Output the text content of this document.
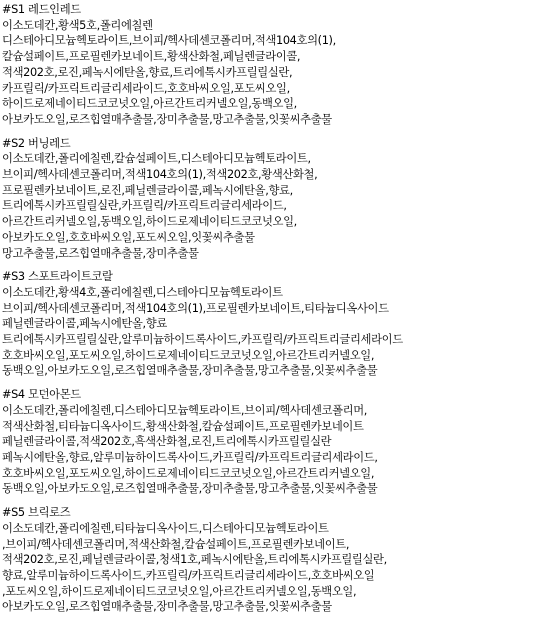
#S1 레드인레드
이소도데칸,황색5호,폴리에칠렌
디스테아디모늄헥토라이트,브이피/헥사데센코폴리머,적색104호의(1),
칼슘설페이트,프로필렌카보네이트,황색산화철,페닐렌글라이콜,
적색202호,로진,페녹시에탄올,향료,트리에톡시카프릴릴실란,
카프릴릭/카프릭트리글리세라이드,호호바씨오일,포도씨오일,
하이드로제네이티드코코넛오일,아르간트리커넬오일,동백오일,
아보카도오일,로즈힙열매추출물,장미추출물,망고추출물,잇꽃씨추출물
#S2 버닝레드
이소도데칸,폴리에칠렌,칼슘설페이트,디스테아디모늄헥토라이트,
브이피/헥사데센코폴리머,적색104호의(1),적색202호,황색산화철,
프로필렌카보네이트,로진,페닐렌글라이콜,페녹시에탄올,향료,
트리에톡시카프릴릴실란,카프릴릭/카프릭트리글리세라이드,
아르간트리커넬오일,동백오일,하이드로제네이티드코코넛오일,
아보카도오일,호호바씨오일,포도씨오일,잇꽃씨추출물
망고추출물,로즈힙열매추출물,장미추출물
#S3 스포트라이트코랄
이소도데칸,황색4호,폴리에칠렌,디스테아디모늄헥토라이트
브이피/헥사데센코폴리머,적색104호의(1),프로필렌카보네이트,티타늄디옥사이드
페닐렌글라이콜,페녹시에탄올,향료
트리에톡시카프릴릴실란,알루미늄하이드록사이드,카프릴릭/카프릭트리글리세라이드
호호바씨오일,포도씨오일,하이드로제네이티드코코넛오일,아르간트리커넬오일,
동백오일,아보카도오일,로즈힙열매추출물,장미추출물,망고추출물,잇꽃씨추출물
#S4 모던아몬드
이소도데칸,폴리에칠렌,디스테아디모늄헥토라이트,브이피/헥사데센코폴리머,
적색산화철,티타늄디옥사이드,황색산화철,칼슘설페이트,프로필렌카보네이트
페닐렌글라이콜,적색202호,흑색산화철,로진,트리에톡시카프릴릴실란
페녹시에탄올,향료,알루미늄하이드록사이드,카프릴릭/카프릭트리글리세라이드,
호호바씨오일,포도씨오일,하이드로제네이티드코코넛오일,아르간트리커넬오일,
동백오일,아보카도오일,로즈힙열매추출물,장미추출물,망고추출물,잇꽃씨추출물
#S5 브릭로즈
이소도데칸,폴리에칠렌,티타늄디옥사이드,디스테아디모늄헥토라이트
,브이피/헥사데센코폴리머,적색산화철,칼슘설페이트,프로필렌카보네이트,
적색202호,로진,페닐렌글라이콜,청색1호,페녹시에탄올,트리에톡시카프릴릴실란,
향료,알루미늄하이드록사이드,카프릴릭/카프릭트리글리세라이드,호호바씨오일
,포도씨오일,하이드로제네이티드코코넛오일,아르간트리커넬오일,동백오일,
아보카도오일,로즈힙열매추출물,장미추출물,망고추출물,잇꽃씨추출물
